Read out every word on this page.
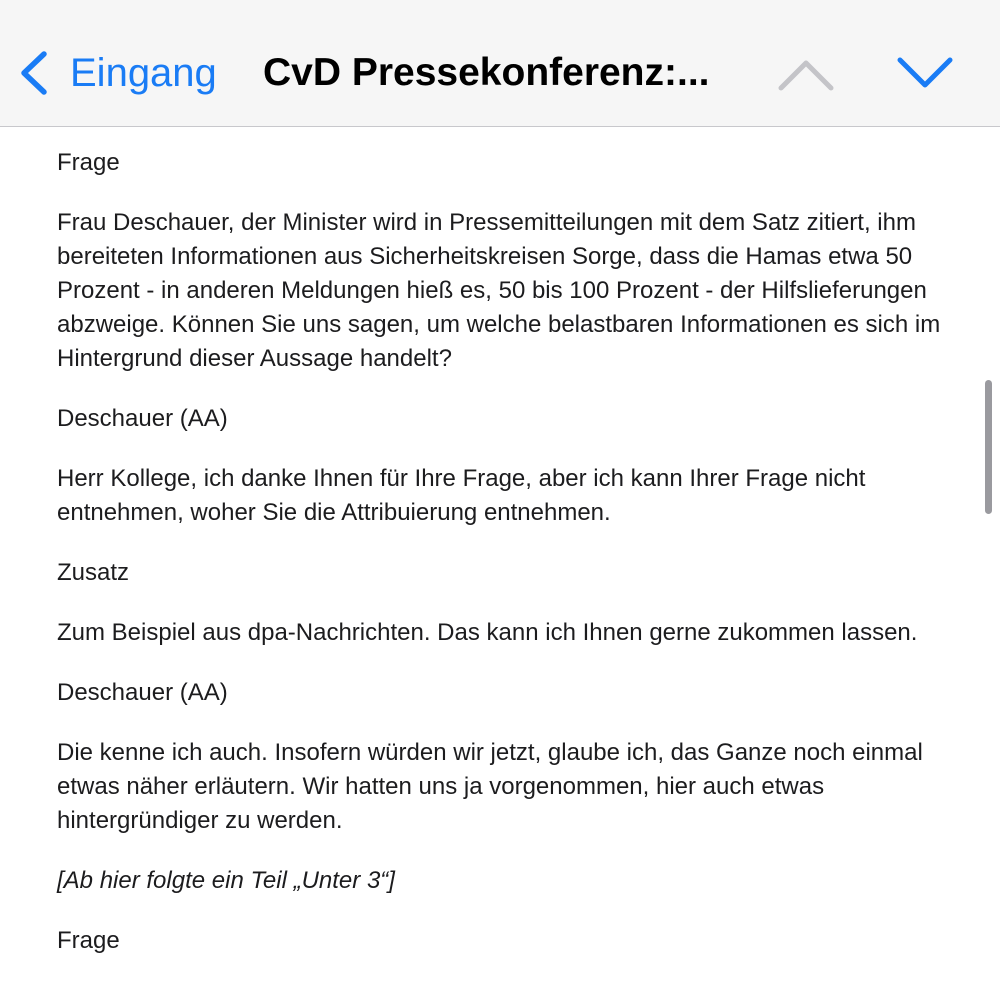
Eingang CvD Pressekonferenz:...

Frage

Frau Deschauer, der Minister wird in Pressemitteilungen mit dem Satz zitiert, ihm bereiteten Informationen aus Sicherheitskreisen Sorge, dass die Hamas etwa 50 Prozent - in anderen Meldungen hieß es, 50 bis 100 Prozent - der Hilfslieferungen abzweige. Können Sie uns sagen, um welche belastbaren Informationen es sich im Hintergrund dieser Aussage handelt?

Deschauer (AA)

Herr Kollege, ich danke Ihnen für Ihre Frage, aber ich kann Ihrer Frage nicht entnehmen, woher Sie die Attribuierung entnehmen.

Zusatz

Zum Beispiel aus dpa-Nachrichten. Das kann ich Ihnen gerne zukommen lassen.

Deschauer (AA)

Die kenne ich auch. Insofern würden wir jetzt, glaube ich, das Ganze noch einmal etwas näher erläutern. Wir hatten uns ja vorgenommen, hier auch etwas hintergründiger zu werden.

[Ab hier folgte ein Teil „Unter 3“]

Frage
